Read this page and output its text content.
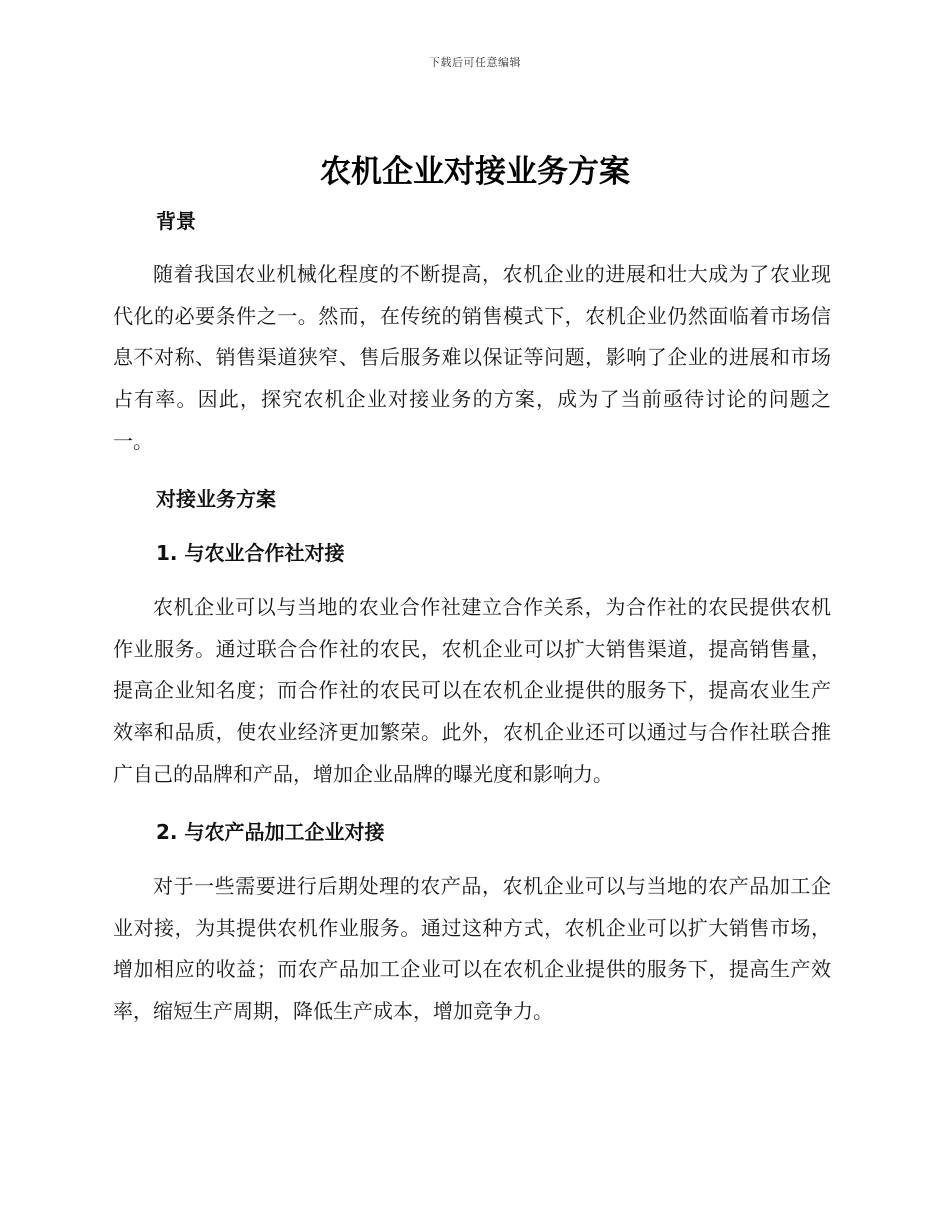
下载后可任意编辑
农机企业对接业务方案
背景

随着我国农业机械化程度的不断提高，农机企业的进展和壮大成为了农业现代化的必要条件之一。然而，在传统的销售模式下，农机企业仍然面临着市场信息不对称、销售渠道狭窄、售后服务难以保证等问题，影响了企业的进展和市场占有率。因此，探究农机企业对接业务的方案，成为了当前亟待讨论的问题之一。

对接业务方案
1. 与农业合作社对接

农机企业可以与当地的农业合作社建立合作关系，为合作社的农民提供农机作业服务。通过联合合作社的农民，农机企业可以扩大销售渠道，提高销售量，提高企业知名度；而合作社的农民可以在农机企业提供的服务下，提高农业生产效率和品质，使农业经济更加繁荣。此外，农机企业还可以通过与合作社联合推广自己的品牌和产品，增加企业品牌的曝光度和影响力。

2. 与农产品加工企业对接

对于一些需要进行后期处理的农产品，农机企业可以与当地的农产品加工企业对接，为其提供农机作业服务。通过这种方式，农机企业可以扩大销售市场，增加相应的收益；而农产品加工企业可以在农机企业提供的服务下，提高生产效率，缩短生产周期，降低生产成本，增加竞争力。
